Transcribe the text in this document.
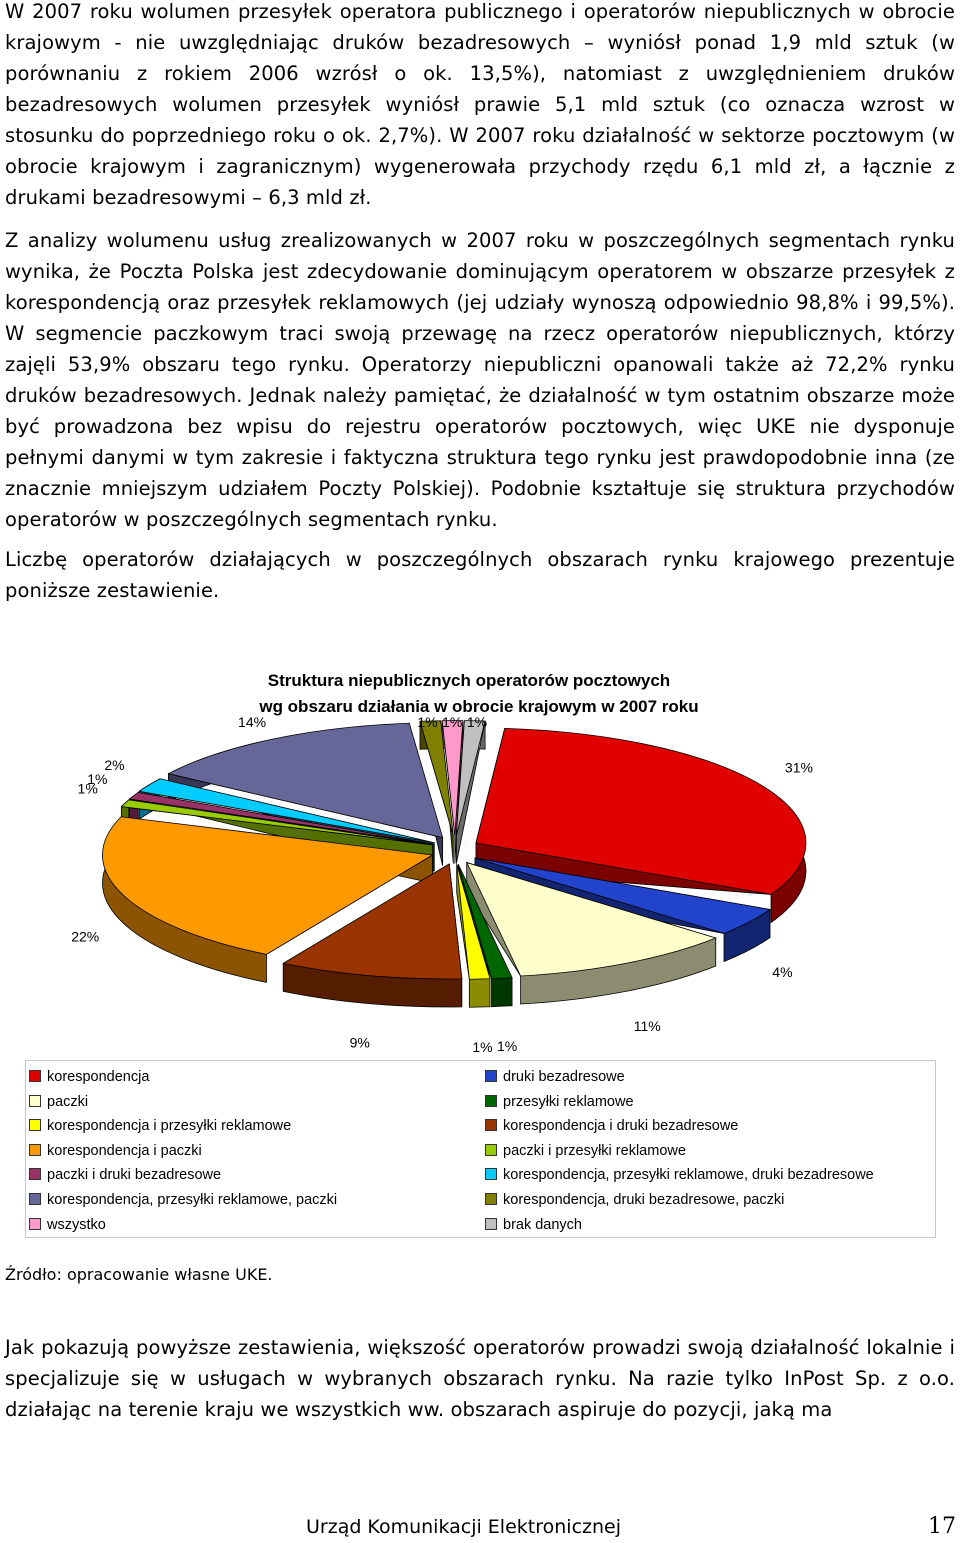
W 2007 roku wolumen przesyłek operatora publicznego i operatorów niepublicznych w obrocie krajowym - nie uwzględniając druków bezadresowych – wyniósł ponad 1,9 mld sztuk (w porównaniu z rokiem 2006 wzrósł o ok. 13,5%), natomiast z uwzględnieniem druków bezadresowych wolumen przesyłek wyniósł prawie 5,1 mld sztuk (co oznacza wzrost w stosunku do poprzedniego roku o ok. 2,7%). W 2007 roku działalność w sektorze pocztowym (w obrocie krajowym i zagranicznym) wygenerowała przychody rzędu 6,1 mld zł, a łącznie z drukami bezadresowymi – 6,3 mld zł.

Z analizy wolumenu usług zrealizowanych w 2007 roku w poszczególnych segmentach rynku wynika, że Poczta Polska jest zdecydowanie dominującym operatorem w obszarze przesyłek z korespondencją oraz przesyłek reklamowych (jej udziały wynoszą odpowiednio 98,8% i 99,5%). W segmencie paczkowym traci swoją przewagę na rzecz operatorów niepublicznych, którzy zajęli 53,9% obszaru tego rynku. Operatorzy niepubliczni opanowali także aż 72,2% rynku druków bezadresowych. Jednak należy pamiętać, że działalność w tym ostatnim obszarze może być prowadzona bez wpisu do rejestru operatorów pocztowych, więc UKE nie dysponuje pełnymi danymi w tym zakresie i faktyczna struktura tego rynku jest prawdopodobnie inna (ze znacznie mniejszym udziałem Poczty Polskiej). Podobnie kształtuje się struktura przychodów operatorów w poszczególnych segmentach rynku.

Liczbę operatorów działających w poszczególnych obszarach rynku krajowego prezentuje poniższe zestawienie.

Struktura niepublicznych operatorów pocztowych
wg obszaru działania w obrocie krajowym w 2007 roku
31%
4%
11%
1%
1%
9%
22%
1%
1%
2%
14%	1% 1% 1%
korespondencja
paczki
korespondencja i przesyłki reklamowe
korespondencja i paczki
paczki i druki bezadresowe
korespondencja, przesyłki reklamowe, paczki
wszystko
druki bezadresowe
przesyłki reklamowe
korespondencja i druki bezadresowe
paczki i przesyłki reklamowe
korespondencja, przesyłki reklamowe, druki bezadresowe
korespondencja, druki bezadresowe, paczki
brak danych
Źródło: opracowanie własne UKE.

Jak pokazują powyższe zestawienia, większość operatorów prowadzi swoją działalność lokalnie i specjalizuje się w usługach w wybranych obszarach rynku. Na razie tylko InPost Sp. z o.o. działając na terenie kraju we wszystkich ww. obszarach aspiruje do pozycji, jaką ma

Urząd Komunikacji Elektronicznej	17
